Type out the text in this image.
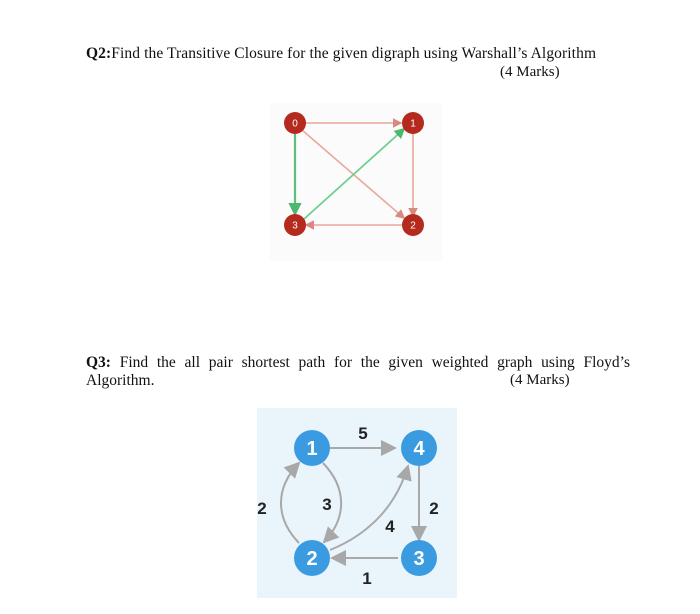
Q2:Find the Transitive Closure for the given digraph using Warshall’s Algorithm
(4 Marks)
0	1
2
3
Q3: Find the all pair shortest path for the given weighted graph using Floyd’s
Algorithm.	(4 Marks)
5
2
1
2	3
4
1
2	3
4
